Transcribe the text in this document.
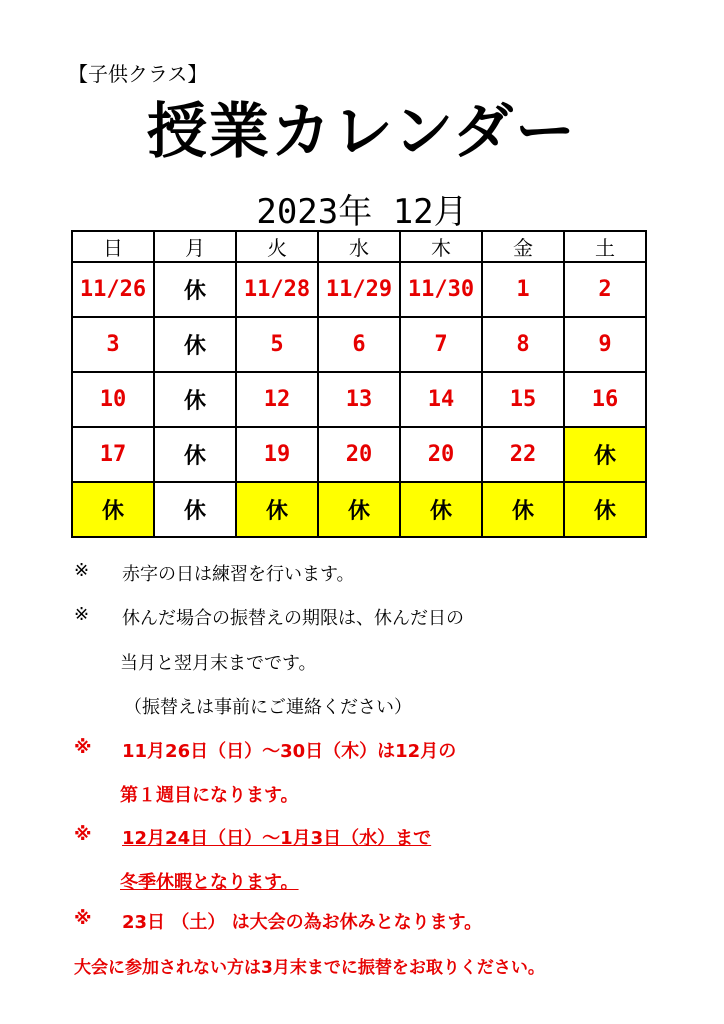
【子供クラス】
授業カレンダー
2023年 12月
日	月	火	水	木	金	土
11/26	休	11/28	11/29	11/30	1	2
3	休	5	6	7	8	9
10	休	12	13	14	15	16
17	休	19	20	20	22	休
休	休	休	休	休	休	休
※ 赤字の日は練習を行います。
※ 休んだ場合の振替えの期限は、休んだ日の
当月と翌月末までです。
（振替えは事前にご連絡ください）
※ 11月26日（日）～30日（木）は12月の
第１週目になります。
※ 12月24日（日）～1月3日（水）まで
冬季休暇となります。
※ 23日 （土） は大会の為お休みとなります。
大会に参加されない方は3月末までに振替をお取りください。
